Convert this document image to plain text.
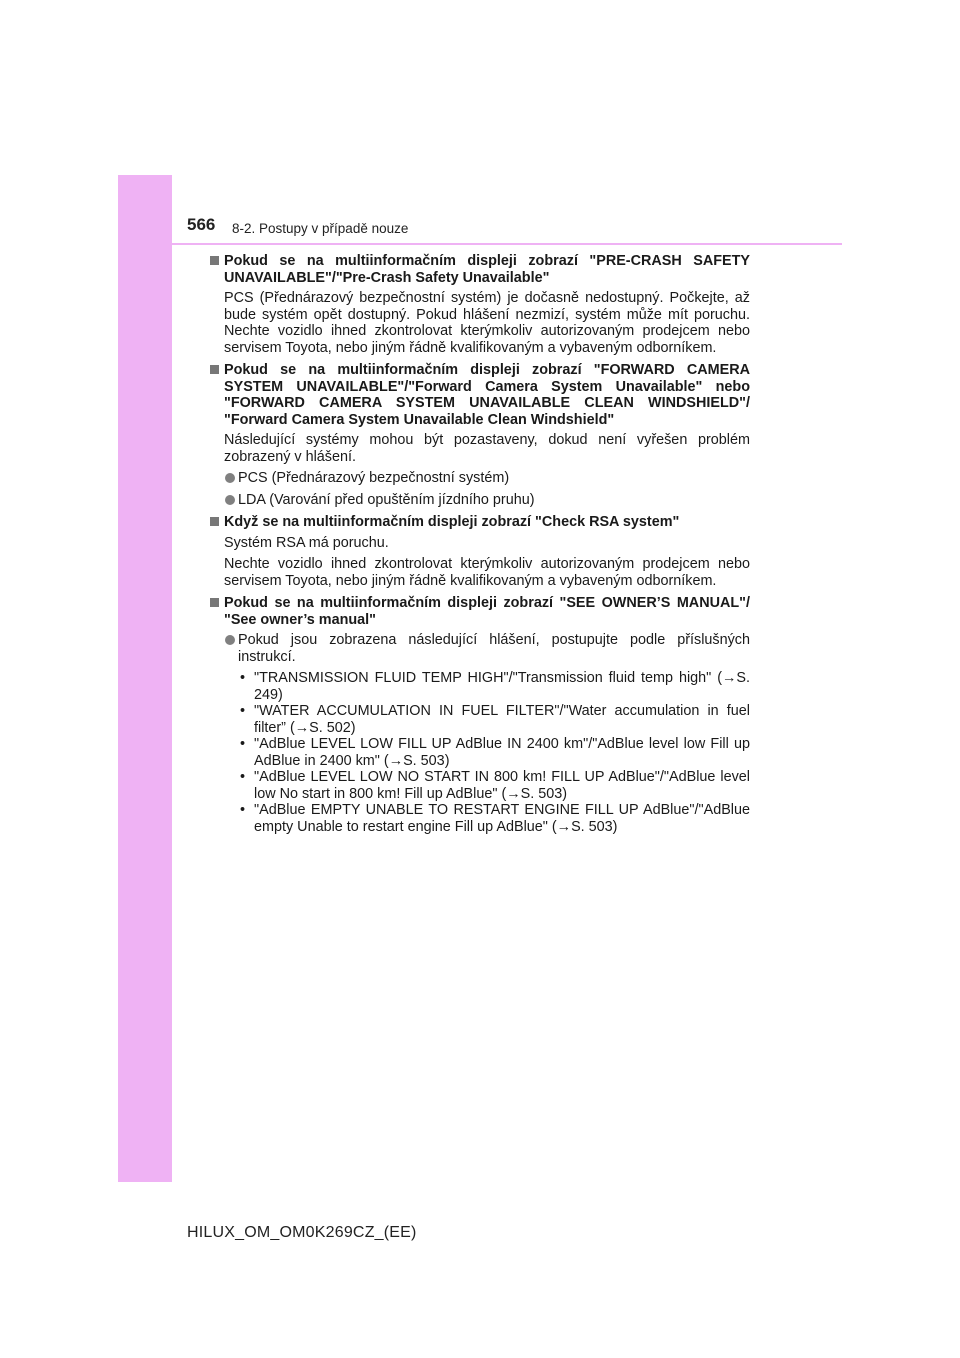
566 8-2. Postupy v případě nouze
Pokud se na multiinformačním displeji zobrazí "PRE-CRASH SAFETY UNAVAILABLE"/"Pre-Crash Safety Unavailable"
PCS (Přednárazový bezpečnostní systém) je dočasně nedostupný. Počkejte, až bude systém opět dostupný. Pokud hlášení nezmizí, systém může mít poruchu. Nechte vozidlo ihned zkontrolovat kterýmkoliv autorizovaným prodejcem nebo servisem Toyota, nebo jiným řádně kvalifikovaným a vybaveným odborníkem.
Pokud se na multiinformačním displeji zobrazí "FORWARD CAMERA SYSTEM UNAVAILABLE"/"Forward Camera System Unavailable" nebo "FORWARD CAMERA SYSTEM UNAVAILABLE CLEAN WINDSHIELD"/ "Forward Camera System Unavailable Clean Windshield"
Následující systémy mohou být pozastaveny, dokud není vyřešen problém zobrazený v hlášení.
PCS (Přednárazový bezpečnostní systém)
LDA (Varování před opuštěním jízdního pruhu)
Když se na multiinformačním displeji zobrazí "Check RSA system"
Systém RSA má poruchu.
Nechte vozidlo ihned zkontrolovat kterýmkoliv autorizovaným prodejcem nebo servisem Toyota, nebo jiným řádně kvalifikovaným a vybaveným odborníkem.
Pokud se na multiinformačním displeji zobrazí "SEE OWNER’S MANUAL"/ "See owner’s manual"
Pokud jsou zobrazena následující hlášení, postupujte podle příslušných instrukcí.
• "TRANSMISSION FLUID TEMP HIGH"/"Transmission fluid temp high" (→S. 249)
• "WATER ACCUMULATION IN FUEL FILTER"/"Water accumulation in fuel filter” (→S. 502)
• "AdBlue LEVEL LOW FILL UP AdBlue IN 2400 km"/"AdBlue level low Fill up AdBlue in 2400 km" (→S. 503)
• "AdBlue LEVEL LOW NO START IN 800 km! FILL UP AdBlue"/"AdBlue level low No start in 800 km! Fill up AdBlue" (→S. 503)
• "AdBlue EMPTY UNABLE TO RESTART ENGINE FILL UP AdBlue"/"AdBlue empty Unable to restart engine Fill up AdBlue" (→S. 503)
HILUX_OM_OM0K269CZ_(EE)
